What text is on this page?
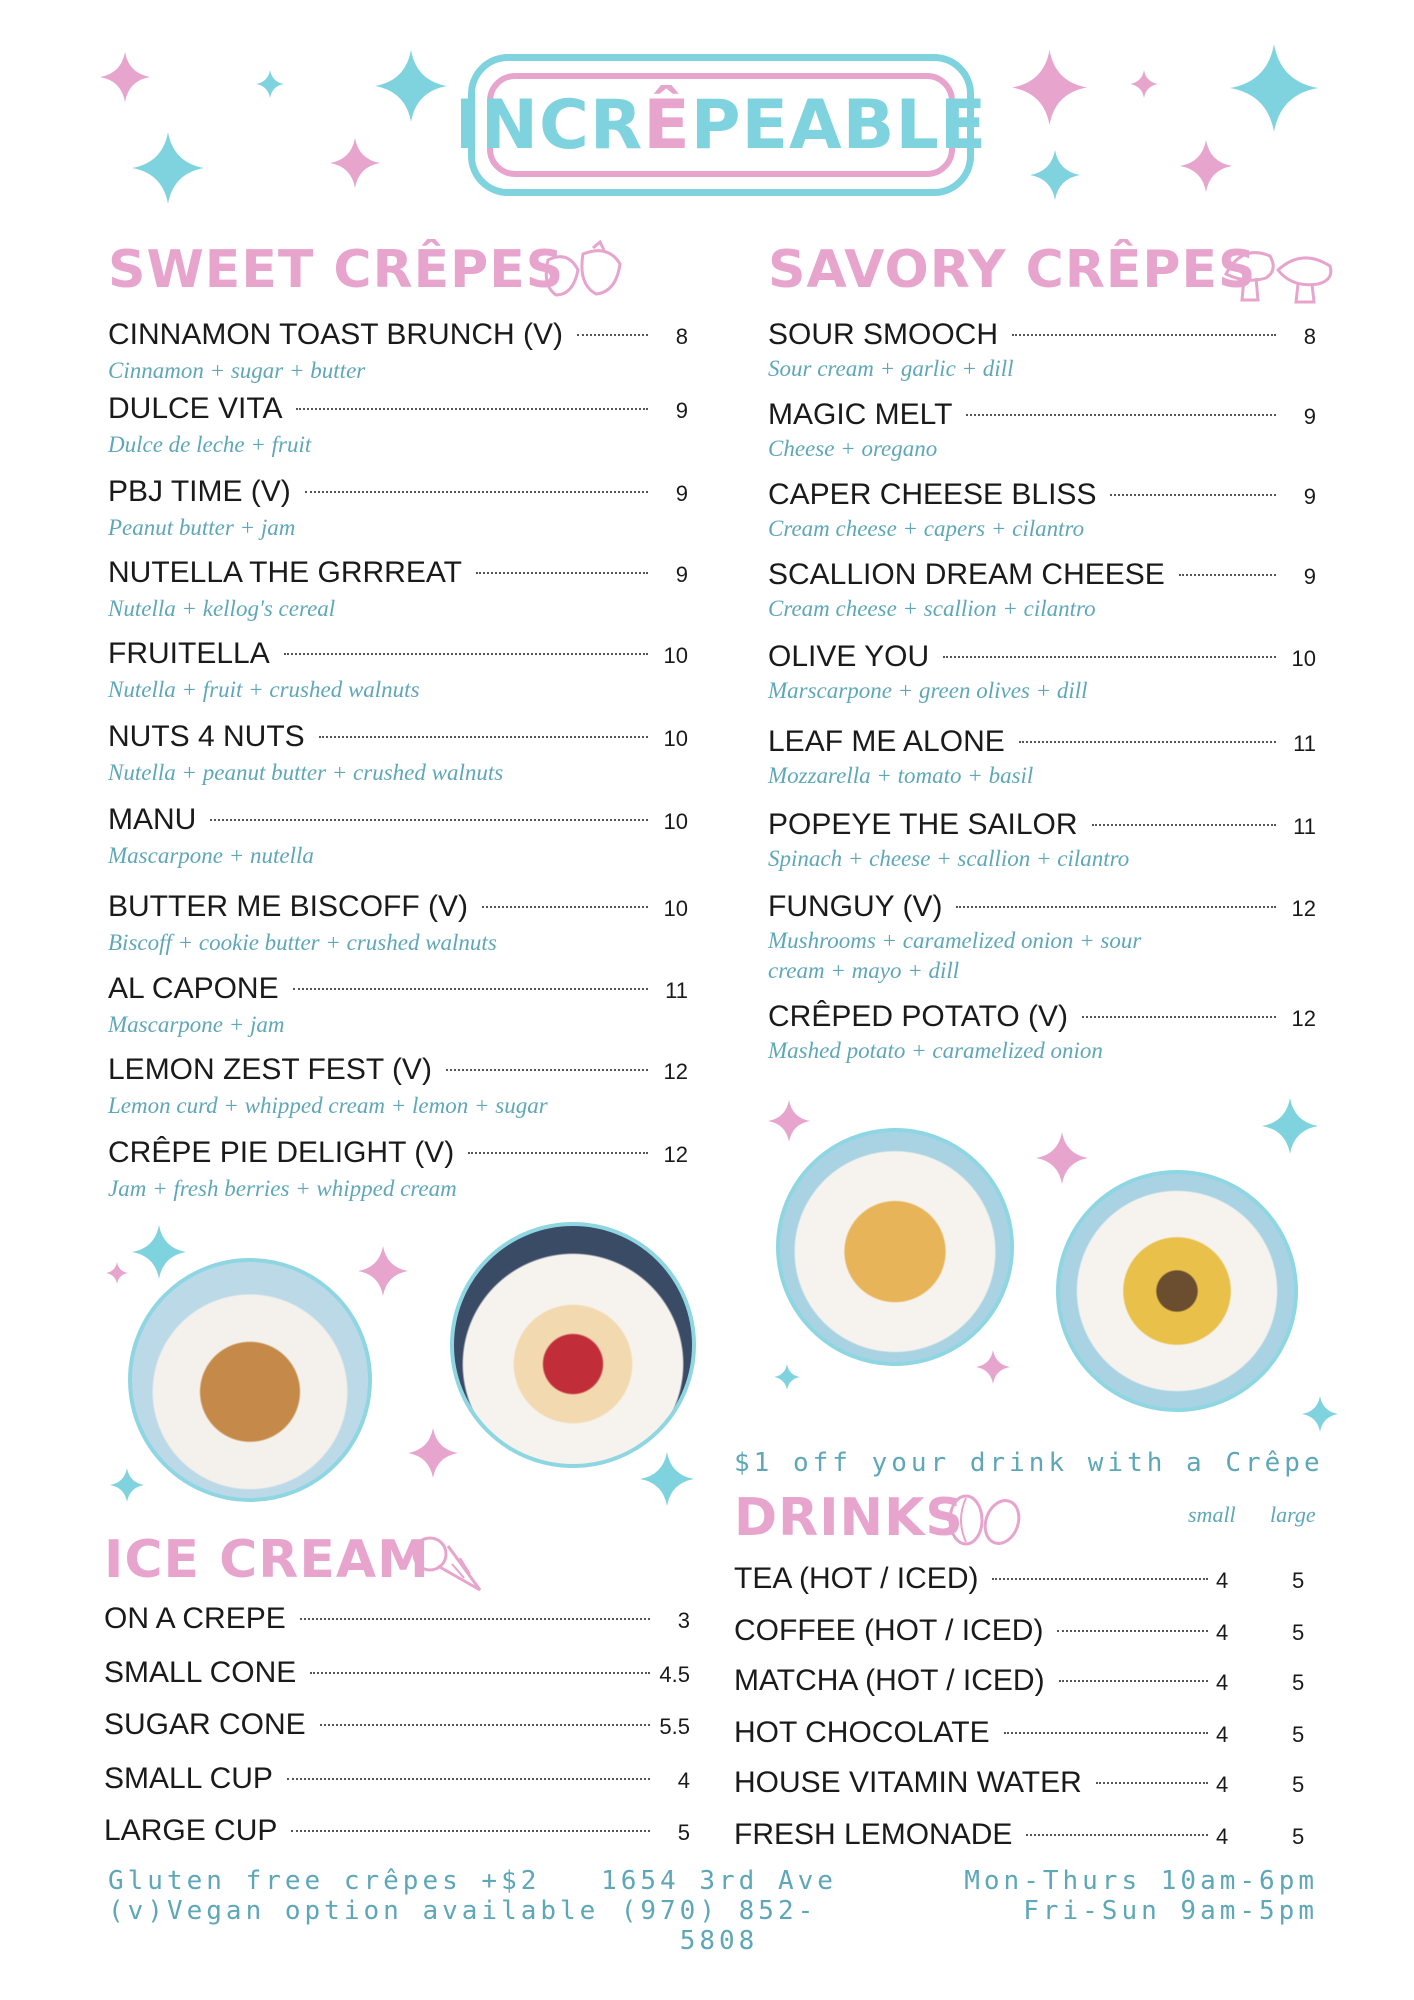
INCRÊPEABLE
SWEET CRÊPES
CINNAMON TOAST BRUNCH (V)	8
Cinnamon + sugar + butter
DULCE VITA	9
Dulce de leche + fruit
PBJ TIME (V)	9
Peanut butter + jam
NUTELLA THE GRRREAT	9
Nutella + kellog's cereal
FRUITELLA	10
Nutella + fruit + crushed walnuts
NUTS 4 NUTS	10
Nutella + peanut butter + crushed walnuts
MANU	10
Mascarpone + nutella
BUTTER ME BISCOFF (V)	10
Biscoff + cookie butter + crushed walnuts
AL CAPONE	11
Mascarpone + jam
LEMON ZEST FEST (V)	12
Lemon curd + whipped cream + lemon + sugar
CRÊPE PIE DELIGHT (V)	12
Jam + fresh berries + whipped cream
SAVORY CRÊPES
SOUR SMOOCH	8
Sour cream + garlic + dill
MAGIC MELT	9
Cheese + oregano
CAPER CHEESE BLISS	9
Cream cheese + capers + cilantro
SCALLION DREAM CHEESE	9
Cream cheese + scallion + cilantro
OLIVE YOU	10
Marscarpone + green olives + dill
LEAF ME ALONE	11
Mozzarella + tomato + basil
POPEYE THE SAILOR	11
Spinach + cheese + scallion + cilantro
FUNGUY (V)	12
Mushrooms + caramelized onion + sour
cream + mayo + dill
CRÊPED POTATO (V)	12
Mashed potato + caramelized onion
ICE CREAM
ON A CREPE	3
SMALL CONE	4.5
SUGAR CONE	5.5
SMALL CUP	4
LARGE CUP	5
$1 off your drink with a Crêpe
DRINKS	small large
TEA (HOT / ICED)	4	5
COFFEE (HOT / ICED)	4	5
MATCHA (HOT / ICED)	4	5
HOT CHOCOLATE	4	5
HOUSE VITAMIN WATER	4	5
FRESH LEMONADE	4	5
Gluten free crêpes +$2
(v)Vegan option available
1654 3rd Ave
(970) 852-5808
Mon-Thurs 10am-6pm
Fri-Sun 9am-5pm
